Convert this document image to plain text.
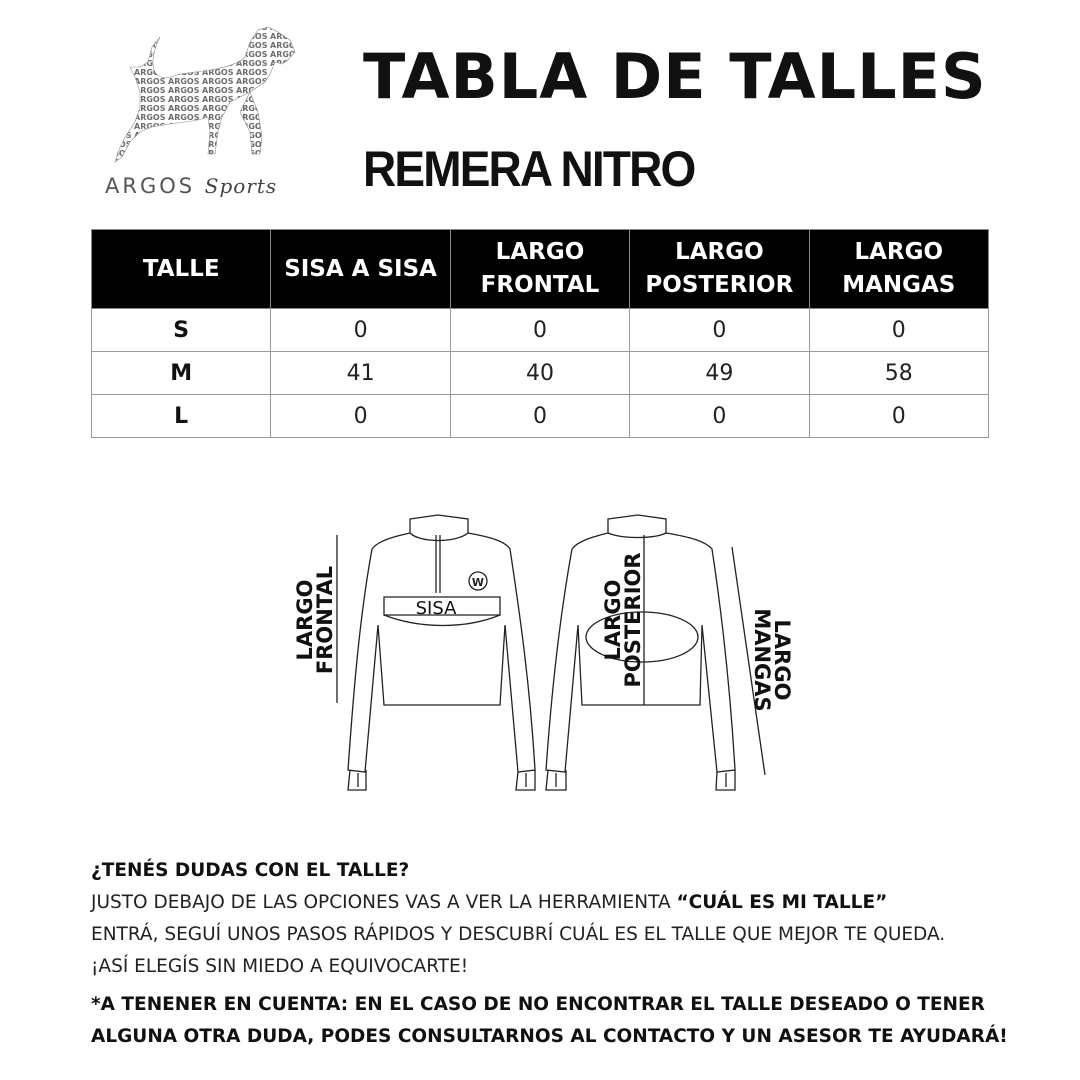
ARGOS Sports
TABLA DE TALLES
REMERA NITRO
TALLE	SISA A SISA	LARGO FRONTAL	LARGO POSTERIOR	LARGO MANGAS
S	0	0	0	0
M	41	40	49	58
L	0	0	0	0
W
SISA
LARGO
FRONTAL	LARGO
POSTERIOR	LARGO
MANGAS

¿TENÉS DUDAS CON EL TALLE?

JUSTO DEBAJO DE LAS OPCIONES VAS A VER LA HERRAMIENTA “CUÁL ES MI TALLE”

ENTRÁ, SEGUÍ UNOS PASOS RÁPIDOS Y DESCUBRÍ CUÁL ES EL TALLE QUE MEJOR TE QUEDA.

¡ASÍ ELEGÍS SIN MIEDO A EQUIVOCARTE!

*A TENENER EN CUENTA: EN EL CASO DE NO ENCONTRAR EL TALLE DESEADO O TENER ALGUNA OTRA DUDA, PODES CONSULTARNOS AL CONTACTO Y UN ASESOR TE AYUDARÁ!
